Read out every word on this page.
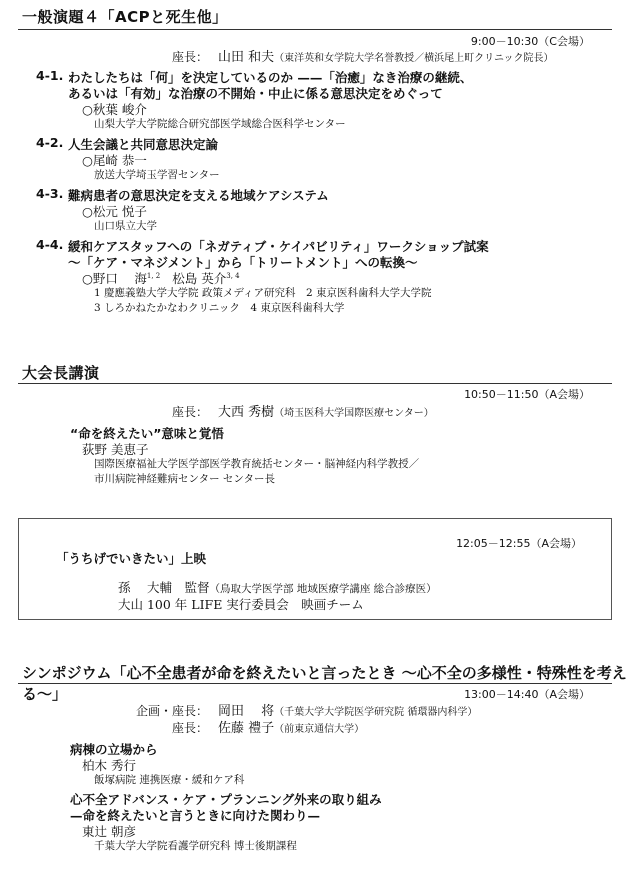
一般演題４「ACPと死生他」
9:00－10:30（C会場）
座長： 山田 和夫（東洋英和女学院大学名誉教授／横浜尾上町クリニック院長）
4-1. わたしたちは「何」を決定しているのか ——「治癒」なき治療の継続、
あるいは「有効」な治療の不開始・中止に係る意思決定をめぐって
○秋葉 峻介
山梨大学大学院総合研究部医学域総合医科学センター
4-2. 人生会議と共同意思決定論
○尾崎 恭一
放送大学埼玉学習センター
4-3. 難病患者の意思決定を支える地域ケアシステム
○松元 悦子
山口県立大学
4-4. 緩和ケアスタッフへの「ネガティブ・ケイパビリティ」ワークショップ試案
～「ケア・マネジメント」から「トリートメント」への転換～
○野口　 海$^{1, 2}$ 松島 英介$^{3, 4}$
1 慶應義塾大学大学院 政策メディア研究科　2 東京医科歯科大学大学院
3 しろかねたかなわクリニック　4 東京医科歯科大学
大会長講演
10:50－11:50（A会場）
座長： 大西 秀樹（埼玉医科大学国際医療センター）
“命を終えたい”意味と覚悟
荻野 美恵子
国際医療福祉大学医学部医学教育統括センター・脳神経内科学教授／
市川病院神経難病センター センター長
12:05－12:55（A会場）
「うちげでいきたい」上映
孫　 大輔　監督（鳥取大学医学部 地域医療学講座 総合診療医）
大山 100 年 LIFE 実行委員会　映画チーム
シンポジウム「心不全患者が命を終えたいと言ったとき ～心不全の多様性・特殊性を考える～」	13:00－14:40（A会場）
企画・座長： 岡田　 将（千葉大学大学院医学研究院 循環器内科学）
座長： 佐藤 禮子（前東京通信大学）
病棟の立場から
柏木 秀行
飯塚病院 連携医療・緩和ケア科
心不全アドバンス・ケア・プランニング外来の取り組み
—命を終えたいと言うときに向けた関わり—
東辻 朝彦
千葉大学大学院看護学研究科 博士後期課程
